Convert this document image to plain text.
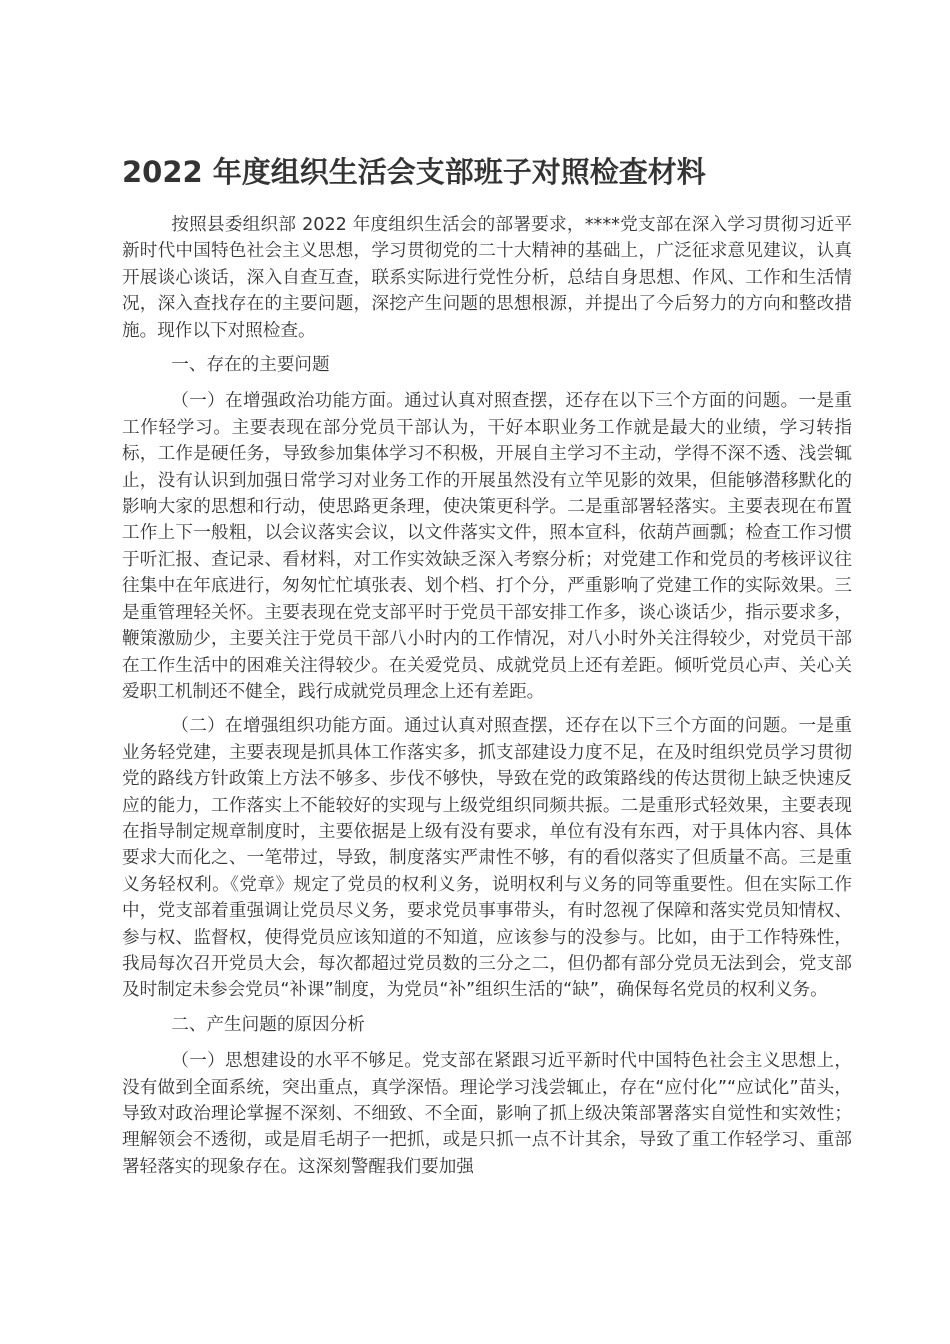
2022 年度组织生活会支部班子对照检查材料

按照县委组织部 2022 年度组织生活会的部署要求，****党支部在深入学习贯彻习近平新时代中国特色社会主义思想，学习贯彻党的二十大精神的基础上，广泛征求意见建议，认真开展谈心谈话，深入自查互查，联系实际进行党性分析，总结自身思想、作风、工作和生活情况，深入查找存在的主要问题，深挖产生问题的思想根源，并提出了今后努力的方向和整改措施。现作以下对照检查。

一、存在的主要问题

（一）在增强政治功能方面。通过认真对照查摆，还存在以下三个方面的问题。一是重工作轻学习。主要表现在部分党员干部认为，干好本职业务工作就是最大的业绩，学习转指标，工作是硬任务，导致参加集体学习不积极，开展自主学习不主动，学得不深不透、浅尝辄止，没有认识到加强日常学习对业务工作的开展虽然没有立竿见影的效果，但能够潜移默化的影响大家的思想和行动，使思路更条理，使决策更科学。二是重部署轻落实。主要表现在布置工作上下一般粗，以会议落实会议，以文件落实文件，照本宣科，依葫芦画瓢；检查工作习惯于听汇报、查记录、看材料，对工作实效缺乏深入考察分析；对党建工作和党员的考核评议往往集中在年底进行，匆匆忙忙填张表、划个档、打个分，严重影响了党建工作的实际效果。三是重管理轻关怀。主要表现在党支部平时于党员干部安排工作多，谈心谈话少，指示要求多，鞭策激励少，主要关注于党员干部八小时内的工作情况，对八小时外关注得较少，对党员干部在工作生活中的困难关注得较少。在关爱党员、成就党员上还有差距。倾听党员心声、关心关爱职工机制还不健全，践行成就党员理念上还有差距。

（二）在增强组织功能方面。通过认真对照查摆，还存在以下三个方面的问题。一是重业务轻党建，主要表现是抓具体工作落实多，抓支部建设力度不足，在及时组织党员学习贯彻党的路线方针政策上方法不够多、步伐不够快，导致在党的政策路线的传达贯彻上缺乏快速反应的能力，工作落实上不能较好的实现与上级党组织同频共振。二是重形式轻效果，主要表现在指导制定规章制度时，主要依据是上级有没有要求，单位有没有东西，对于具体内容、具体要求大而化之、一笔带过，导致，制度落实严肃性不够，有的看似落实了但质量不高。三是重义务轻权利。《党章》规定了党员的权利义务，说明权利与义务的同等重要性。但在实际工作中，党支部着重强调让党员尽义务，要求党员事事带头，有时忽视了保障和落实党员知情权、参与权、监督权，使得党员应该知道的不知道，应该参与的没参与。比如，由于工作特殊性，我局每次召开党员大会，每次都超过党员数的三分之二，但仍都有部分党员无法到会，党支部及时制定未参会党员“补课”制度，为党员“补”组织生活的“缺”，确保每名党员的权利义务。

二、产生问题的原因分析

（一）思想建设的水平不够足。党支部在紧跟习近平新时代中国特色社会主义思想上，没有做到全面系统，突出重点，真学深悟。理论学习浅尝辄止，存在“应付化”“应试化”苗头，导致对政治理论掌握不深刻、不细致、不全面，影响了抓上级决策部署落实自觉性和实效性；理解领会不透彻，或是眉毛胡子一把抓，或是只抓一点不计其余，导致了重工作轻学习、重部署轻落实的现象存在。这深刻警醒我们要加强
